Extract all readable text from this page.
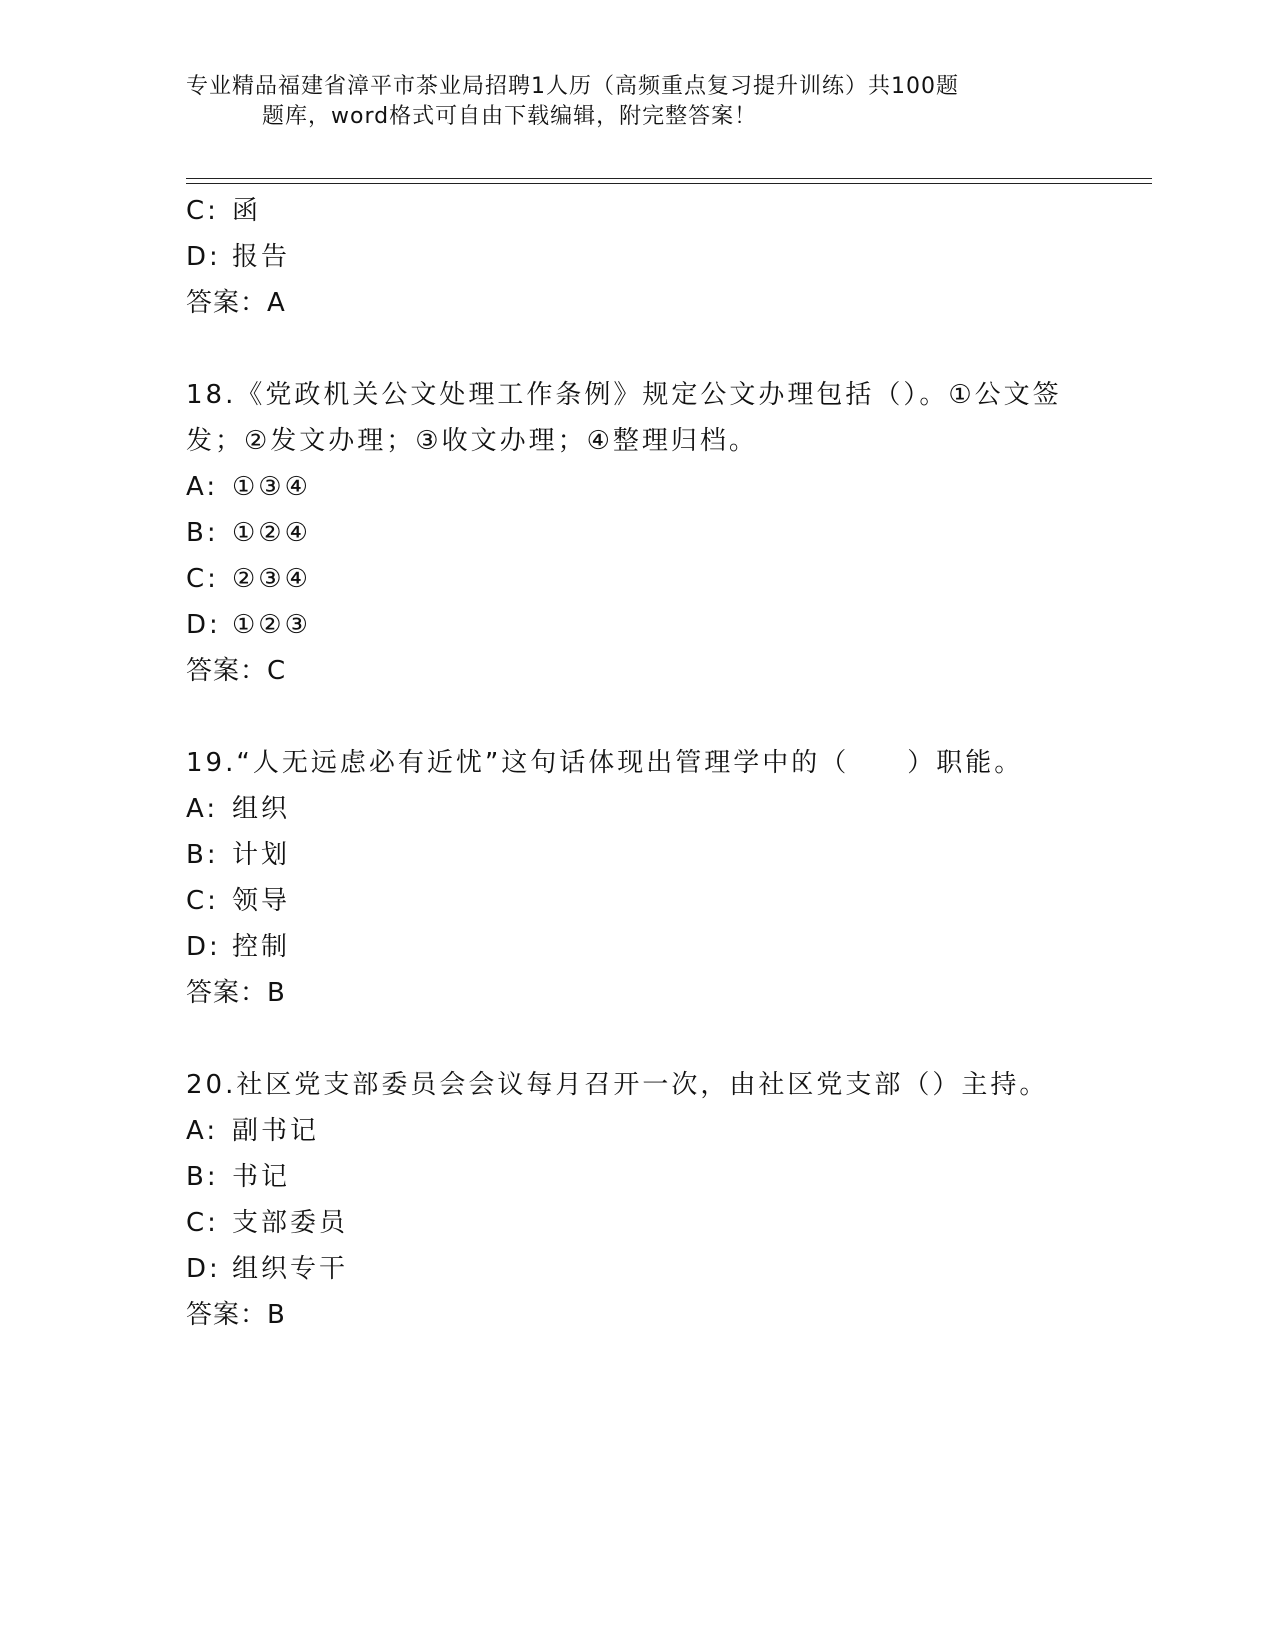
专业精品福建省漳平市茶业局招聘1人历（高频重点复习提升训练）共100题
题库，word格式可自由下载编辑，附完整答案！
C: 函
D: 报告
答案：A
18.《党政机关公文处理工作条例》规定公文办理包括（）。①公文签
发；②发文办理；③收文办理；④整理归档。
A: ①③④
B: ①②④
C: ②③④
D: ①②③
答案：C
19.“人无远虑必有近忧”这句话体现出管理学中的（　　）职能。
A: 组织
B: 计划
C: 领导
D: 控制
答案：B
20.社区党支部委员会会议每月召开一次，由社区党支部（）主持。
A: 副书记
B: 书记
C: 支部委员
D: 组织专干
答案：B
